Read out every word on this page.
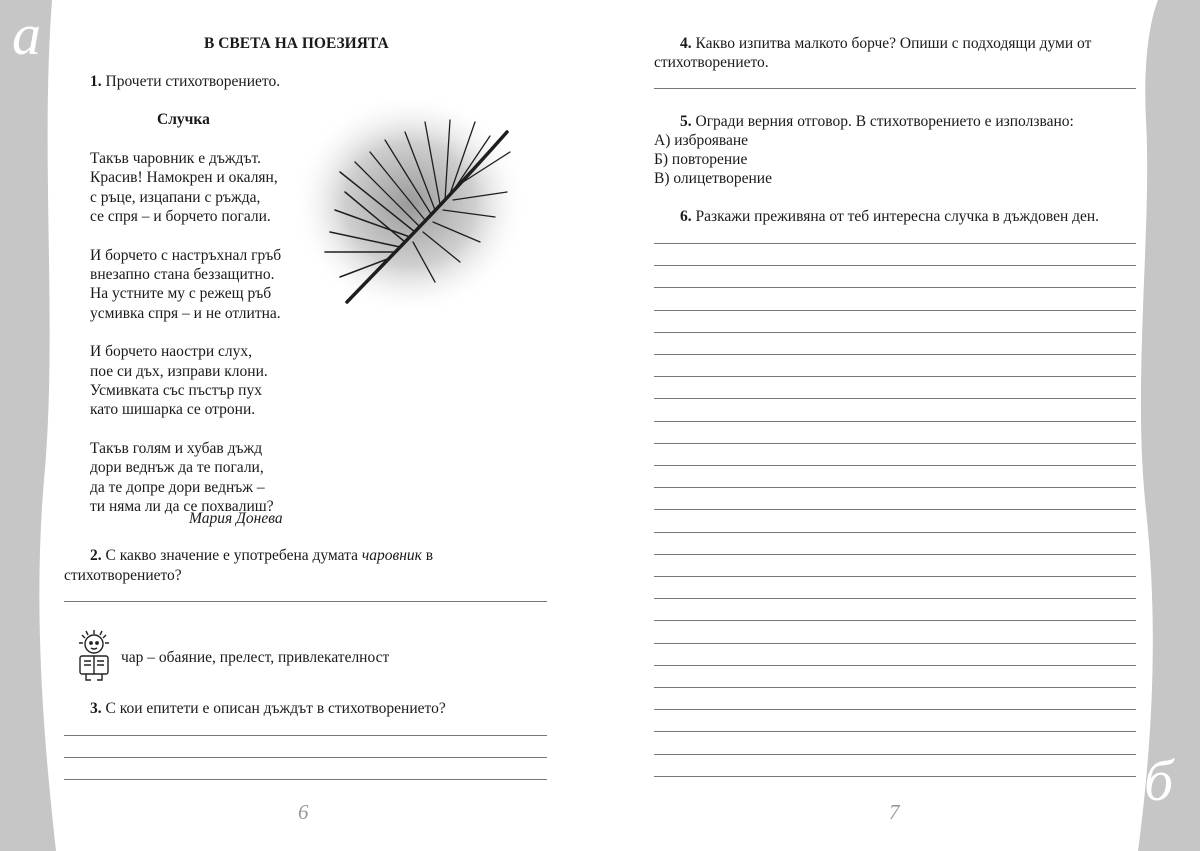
а
б
В СВЕТА НА ПОЕЗИЯТА
1. Прочети стихотворението.
Случка
Такъв чаровник е дъждът.
Красив! Намокрен и окалян,
с ръце, изцапани с ръжда,
се спря – и борчето погали.
И борчето с настръхнал гръб
внезапно стана беззащитно.
На устните му с режещ ръб
усмивка спря – и не отлитна.
И борчето наостри слух,
пое си дъх, изправи клони.
Усмивката със пъстър пух
като шишарка се отрони.
Такъв голям и хубав дъжд
дори веднъж да те погали,
да те допре дори веднъж –
ти няма ли да се похвалиш?
Мария Донева
2. С какво значение е употребена думата чаровник в
стихотворението?
чар – обаяние, прелест, привлекателност
3. С кои епитети е описан дъждът в стихотворението?
6
4. Какво изпитва малкото борче? Опиши с подходящи думи от
стихотворението.
5. Огради верния отговор. В стихотворението е използвано:
А) изброяване
Б) повторение
В) олицетворение
6. Разкажи преживяна от теб интересна случка в дъждовен ден.
7
